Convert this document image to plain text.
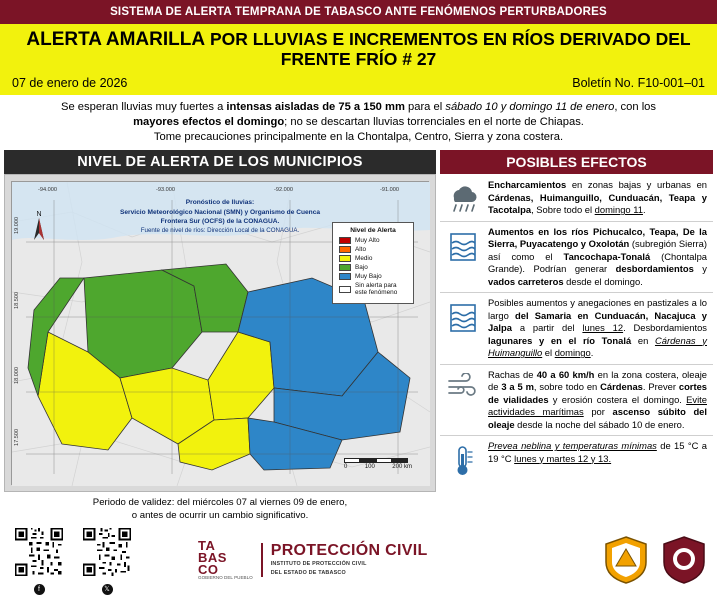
SISTEMA DE ALERTA TEMPRANA DE TABASCO ANTE FENÓMENOS PERTURBADORES
ALERTA AMARILLA POR LLUVIAS E INCREMENTOS EN RÍOS DERIVADO DEL FRENTE FRÍO # 27
07 de enero de 2026	Boletín No. F10-001–01
Se esperan lluvias muy fuertes a intensas aisladas de 75 a 150 mm para el sábado 10 y domingo 11 de enero, con los
mayores efectos el domingo; no se descartan lluvias torrenciales en el norte de Chiapas.
Tome precauciones principalmente en la Chontalpa, Centro, Sierra y zona costera.
NIVEL DE ALERTA DE LOS MUNICIPIOS
-94.000	-93.000	-92.000	-91.000
19.000
18.500
18.000
17.500
N
Pronóstico de lluvias:
Servicio Meteorológico Nacional (SMN) y Organismo de Cuenca
Frontera Sur (OCFS) de la CONAGUA.
Fuente de nivel de ríos: Dirección Local de la CONAGUA.	Nivel de Alerta
Muy Alto
Alto
Medio
Bajo
Muy Bajo
Sin alerta para este fenómeno
0	100	200 km
Periodo de validez: del miércoles 07 al viernes 09 de enero,
o antes de ocurrir un cambio significativo.
POSIBLES EFECTOS
Encharcamientos en zonas bajas y urbanas en Cárdenas, Huimanguillo, Cunduacán, Teapa y Tacotalpa, Sobre todo el domingo 11.
Aumentos en los ríos Pichucalco, Teapa, De la Sierra, Puyacatengo y Oxolotán (subregión Sierra) así como el Tancochapa-Tonalá (Chontalpa Grande). Podrían generar desbordamientos y vados carreteros desde el domingo.
Posibles aumentos y anegaciones en pastizales a lo largo del Samaria en Cunduacán, Nacajuca y Jalpa a partir del lunes 12. Desbordamientos lagunares y en el río Tonalá en Cárdenas y Huimanguillo el domingo.
Rachas de 40 a 60 km/h en la zona costera, oleaje de 3 a 5 m, sobre todo en Cárdenas. Prever cortes de vialidades y erosión costera el domingo. Evite actividades marítimas por ascenso súbito del oleaje desde la noche del sábado 10 de enero.
Prevea neblina y temperaturas mínimas de 15 °C a 19 °C lunes y martes 12 y 13.
f	𝕏
TA
BAS
CO
GOBIERNO DEL PUEBLO
PROTECCIÓN CIVIL
INSTITUTO DE PROTECCIÓN CIVIL
DEL ESTADO DE TABASCO
